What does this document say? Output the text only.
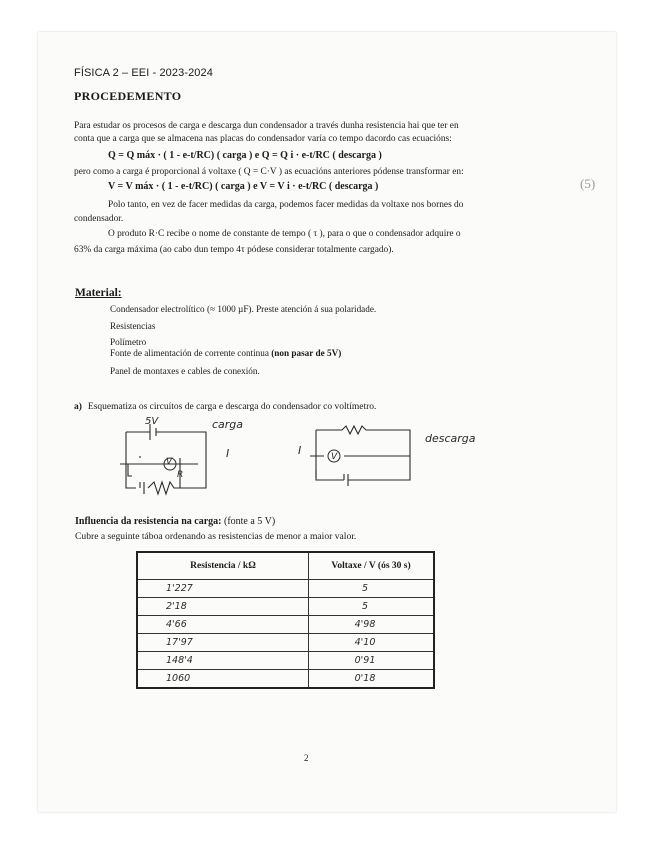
FÍSICA 2 – EEI - 2023-2024
PROCEDEMENTO
Para estudar os procesos de carga e descarga dun condensador a través dunha resistencia hai que ter en
conta que a carga que se almacena nas placas do condensador varía co tempo dacordo cas ecuacións:
Q = Q máx · ( 1 - e-t/RC) ( carga ) e Q = Q i · e-t/RC ( descarga )
pero como a carga é proporcional á voltaxe ( Q = C·V ) as ecuacións anteriores pódense transformar en:
V = V máx · ( 1 - e-t/RC) ( carga ) e V = V i · e-t/RC ( descarga )	(5)
Polo tanto, en vez de facer medidas da carga, podemos facer medidas da voltaxe nos bornes do
condensador.
O produto R·C recibe o nome de constante de tempo ( τ ), para o que o condensador adquire o
63% da carga máxima (ao cabo dun tempo 4τ pódese considerar totalmente cargado).
Material:
Condensador electrolítico (≈ 1000 µF). Preste atención á sua polaridade.
Resistencias
Polímetro
Fonte de alimentación de corrente continua (non pasar de 5V)
Panel de montaxes e cables de conexión.
a) Esquematiza os circuítos de carga e descarga do condensador co voltímetro.
V
5V	carga
I
R
V
I
descarga
Influencia da resistencia na carga: (fonte a 5 V)
Cubre a seguinte táboa ordenando as resistencias de menor a maior valor.
Resistencia / kΩ	Voltaxe / V (ós 30 s)
1'227	5
2'18	5
4'66	4'98
17'97	4'10
148'4	0'91
1060	0'18
2
